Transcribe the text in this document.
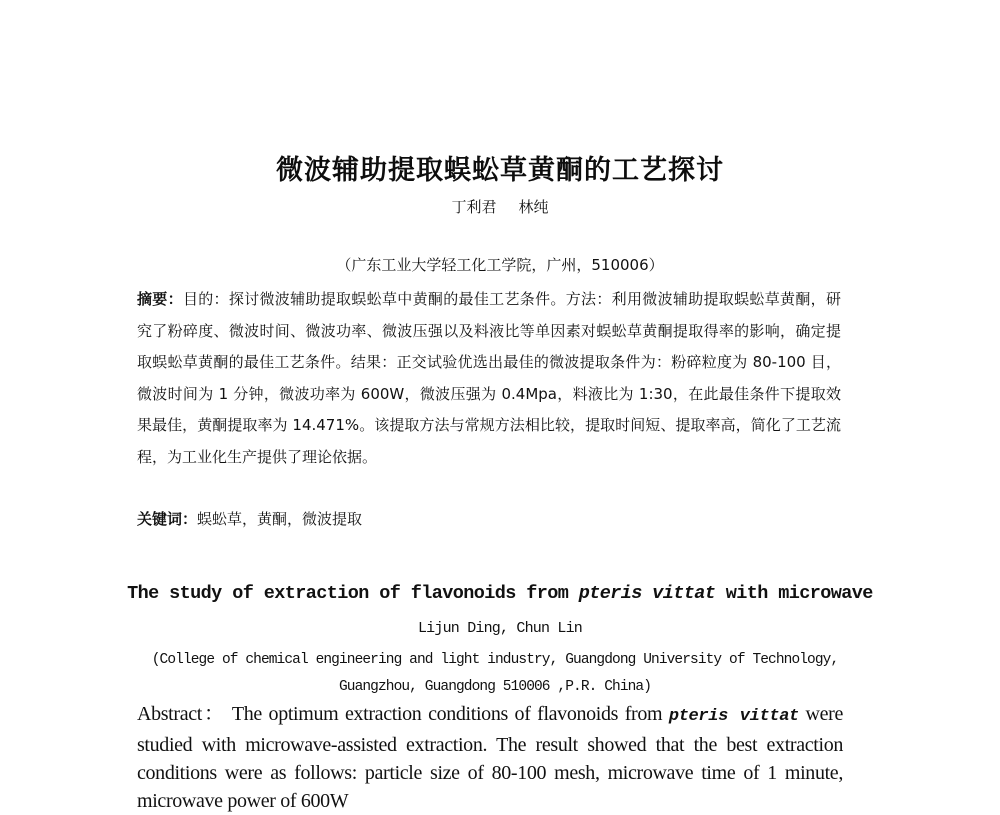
微波辅助提取蜈蚣草黄酮的工艺探讨
丁利君 林纯
（广东工业大学轻工化工学院，广州，510006）
摘要：目的：探讨微波辅助提取蜈蚣草中黄酮的最佳工艺条件。方法：利用微波辅助提取蜈蚣草黄酮，研究了粉碎度、微波时间、微波功率、微波压强以及料液比等单因素对蜈蚣草黄酮提取得率的影响，确定提取蜈蚣草黄酮的最佳工艺条件。结果：正交试验优选出最佳的微波提取条件为：粉碎粒度为 80-100 目，微波时间为 1 分钟，微波功率为 600W，微波压强为 0.4Mpa，料液比为 1:30，在此最佳条件下提取效果最佳，黄酮提取率为 14.471%。该提取方法与常规方法相比较，提取时间短、提取率高，简化了工艺流程，为工业化生产提供了理论依据。
关键词：蜈蚣草，黄酮，微波提取
The study of extraction of flavonoids from pteris vittat with microwave
Lijun Ding, Chun Lin
(College of chemical engineering and light industry, Guangdong University of Technology, Guangzhou, Guangdong 510006 ,P.R. China)
Abstract： The optimum extraction conditions of flavonoids from pteris vittat were studied with microwave-assisted extraction. The result showed that the best extraction conditions were as follows: particle size of 80-100 mesh, microwave time of 1 minute, microwave power of 600W
